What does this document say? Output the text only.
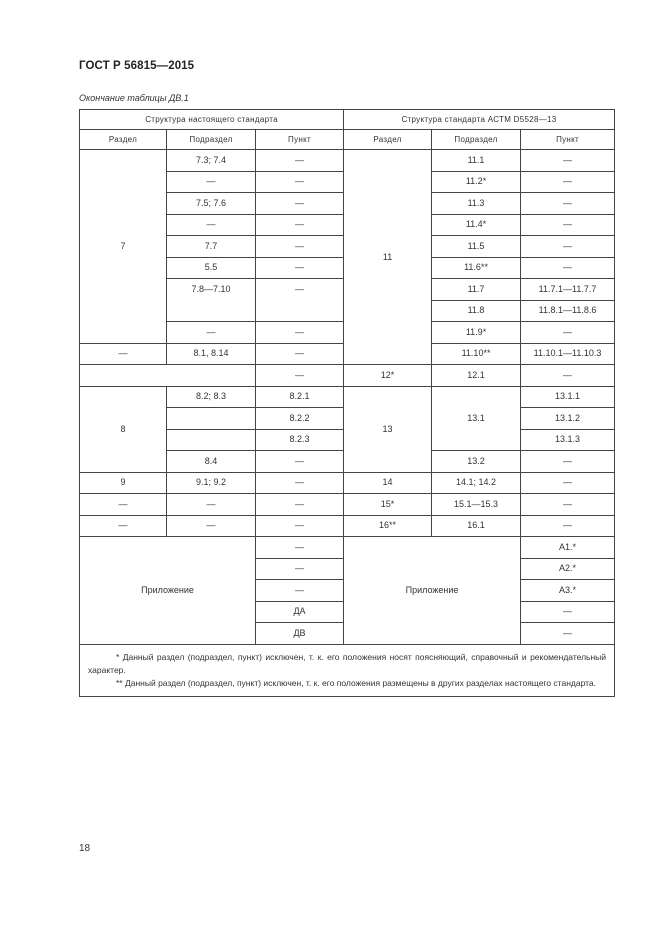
ГОСТ Р 56815—2015
Окончание таблицы ДВ.1
Структура настоящего стандарта			Структура стандарта АСТМ D5528—13		
Раздел	Подраздел	Пункт	Раздел	Подраздел	Пункт
7	7.3; 7.4	—	11	11.1	—
	—	—		11.2*	—
	7.5; 7.6	—		11.3	—
	—	—		11.4*	—
	7.7	—		11.5	—
	5.5	—		11.6**	—
	7.8—7.10	—		11.7	11.7.1—11.7.7
				11.8	11.8.1—11.8.6
	—	—		11.9*	—
—	8.1, 8.14	—		11.10**	11.10.1—11.10.3
		—	12*	12.1	—
8	8.2; 8.3	8.2.1	13	13.1	13.1.1
		8.2.2			13.1.2
		8.2.3			13.1.3
	8.4	—		13.2	—
9	9.1; 9.2	—	14	14.1; 14.2	—
—	—	—	15*	15.1—15.3	—
—	—	—	16**	16.1	—
Приложение		—	Приложение		А1.*
		—			А2.*
		—			А3.*
		ДА			—
		ДВ			—

* Данный раздел (подраздел, пункт) исключен, т. к. его положения носят поясняющий, справочный и рекомендательный характер.
** Данный раздел (подраздел, пункт) исключен, т. к. его положения размещены в других разделах настоящего стандарта.					
18
